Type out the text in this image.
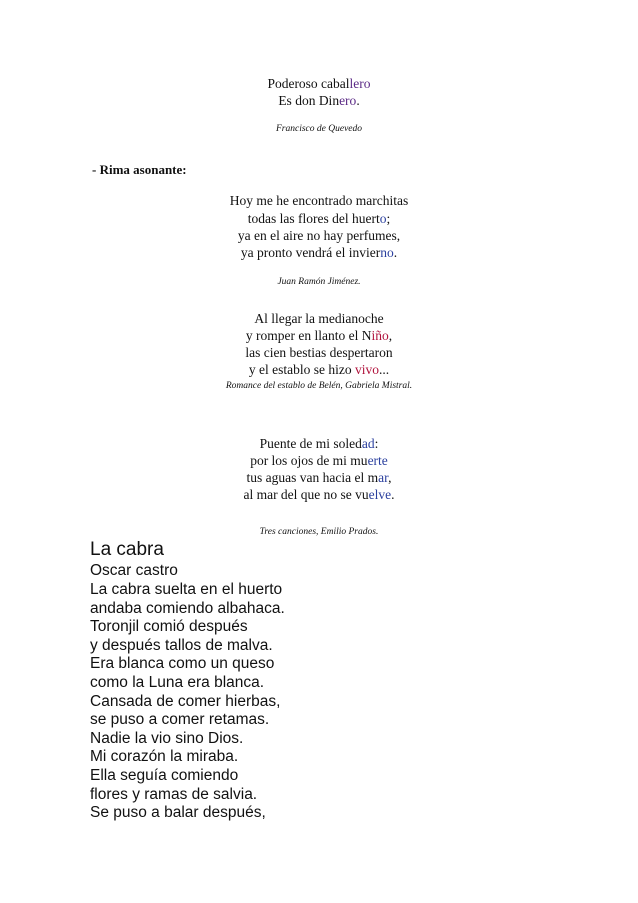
Poderoso caballero
Es don Dinero.
Francisco de Quevedo
- Rima asonante:
Hoy me he encontrado marchitas
todas las flores del huerto;
ya en el aire no hay perfumes,
ya pronto vendrá el invierno.
Juan Ramón Jiménez.
Al llegar la medianoche
y romper en llanto el Niño,
las cien bestias despertaron
y el establo se hizo vivo...
Romance del establo de Belén, Gabriela Mistral.
Puente de mi soledad:
por los ojos de mi muerte
tus aguas van hacia el mar,
al mar del que no se vuelve.
Tres canciones, Emilio Prados.
La cabra
Oscar castro
La cabra suelta en el huerto
andaba comiendo albahaca.
Toronjil comió después
y después tallos de malva.
Era blanca como un queso
como la Luna era blanca.
Cansada de comer hierbas,
se puso a comer retamas.
Nadie la vio sino Dios.
Mi corazón la miraba.
Ella seguía comiendo
flores y ramas de salvia.
Se puso a balar después,
